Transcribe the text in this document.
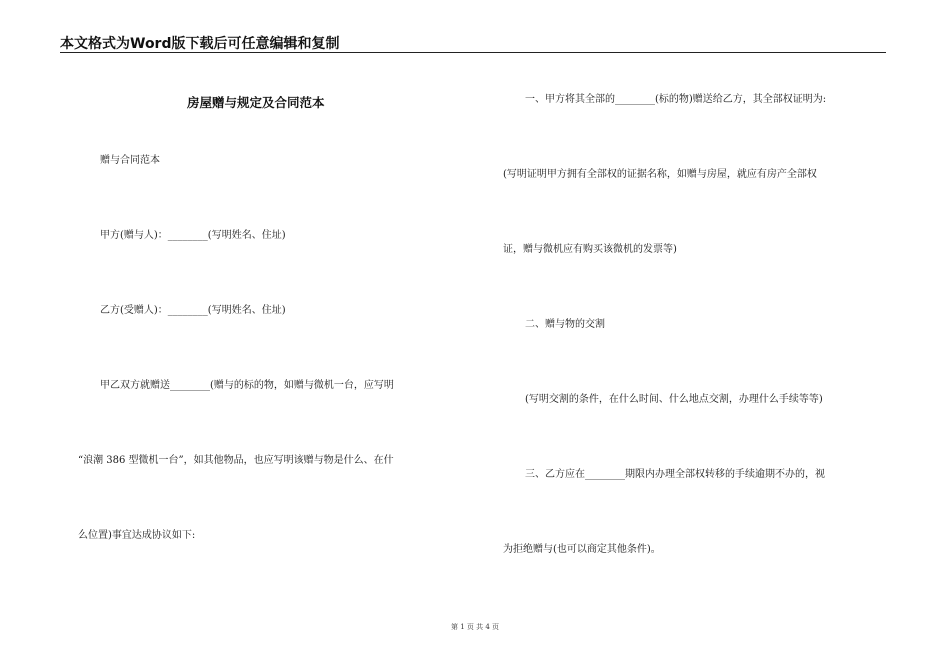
本文格式为Word版下载后可任意编辑和复制
房屋赠与规定及合同范本
赠与合同范本
甲方(赠与人)：________(写明姓名、住址)
乙方(受赠人)：________(写明姓名、住址)
甲乙双方就赠送________(赠与的标的物，如赠与微机一台，应写明
“浪潮 386 型微机一台”，如其他物品，也应写明该赠与物是什么、在什
么位置)事宜达成协议如下:
一、甲方将其全部的________(标的物)赠送给乙方，其全部权证明为:
(写明证明甲方拥有全部权的证据名称，如赠与房屋，就应有房产全部权
证，赠与微机应有购买该微机的发票等)
二、赠与物的交割
(写明交割的条件，在什么时间、什么地点交割，办理什么手续等等)
三、乙方应在________期限内办理全部权转移的手续逾期不办的，视
为拒绝赠与(也可以商定其他条件)。
第 1 页 共 4 页
